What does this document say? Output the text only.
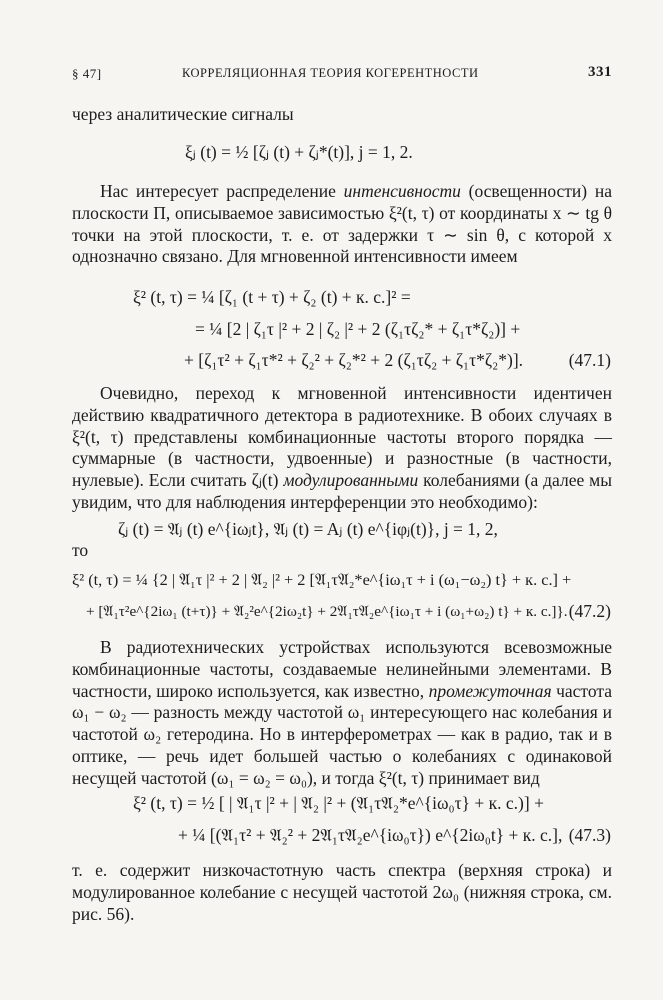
§ 47]	КОРРЕЛЯЦИОННАЯ ТЕОРИЯ КОГЕРЕНТНОСТИ	331
через аналитические сигналы
ξⱼ (t) = ½ [ζⱼ (t) + ζⱼ*(t)], j = 1, 2.
Нас интересует распределение интенсивности (освещенности) на плоскости П, описываемое зависимостью ξ²(t, τ) от координаты x ∼ tg θ точки на этой плоскости, т. е. от задержки τ ∼ sin θ, с которой x однозначно связано. Для мгновенной интенсивности имеем
ξ² (t, τ) = ¼ [ζ₁ (t + τ) + ζ₂ (t) + к. с.]² =
= ¼ [2 | ζ₁τ |² + 2 | ζ₂ |² + 2 (ζ₁τζ₂* + ζ₁τ*ζ₂)] +
+ [ζ₁τ² + ζ₁τ*² + ζ₂² + ζ₂*² + 2 (ζ₁τζ₂ + ζ₁τ*ζ₂*)].	(47.1)
Очевидно, переход к мгновенной интенсивности идентичен действию квадратичного детектора в радиотехнике. В обоих случаях в ξ²(t, τ) представлены комбинационные частоты второго порядка — суммарные (в частности, удвоенные) и разностные (в частности, нулевые). Если считать ζⱼ(t) модулированными колебаниями (а далее мы увидим, что для наблюдения интерференции это необходимо):
ζⱼ (t) = 𝔄ⱼ (t) e^{iωⱼt}, 𝔄ⱼ (t) = Aⱼ (t) e^{iφⱼ(t)}, j = 1, 2,
то
ξ² (t, τ) = ¼ {2 | 𝔄₁τ |² + 2 | 𝔄₂ |² + 2 [𝔄₁τ𝔄₂*e^{iω₁τ + i (ω₁−ω₂) t} + к. с.] +
+ [𝔄₁τ²e^{2iω₁ (t+τ)} + 𝔄₂²e^{2iω₂t} + 2𝔄₁τ𝔄₂e^{iω₁τ + i (ω₁+ω₂) t} + к. с.]}. (47.2)
В радиотехнических устройствах используются всевозможные комбинационные частоты, создаваемые нелинейными элементами. В частности, широко используется, как известно, промежуточная частота ω₁ − ω₂ — разность между частотой ω₁ интересующего нас колебания и частотой ω₂ гетеродина. Но в интерферометрах — как в радио, так и в оптике, — речь идет большей частью о колебаниях с одинаковой несущей частотой (ω₁ = ω₂ = ω₀), и тогда ξ²(t, τ) принимает вид
ξ² (t, τ) = ½ [ | 𝔄₁τ |² + | 𝔄₂ |² + (𝔄₁τ𝔄₂*e^{iω₀τ} + к. с.)] +
+ ¼ [(𝔄₁τ² + 𝔄₂² + 2𝔄₁τ𝔄₂e^{iω₀τ}) e^{2iω₀t} + к. с.], (47.3)
т. е. содержит низкочастотную часть спектра (верхняя строка) и модулированное колебание с несущей частотой 2ω₀ (нижняя строка, см. рис. 56).
